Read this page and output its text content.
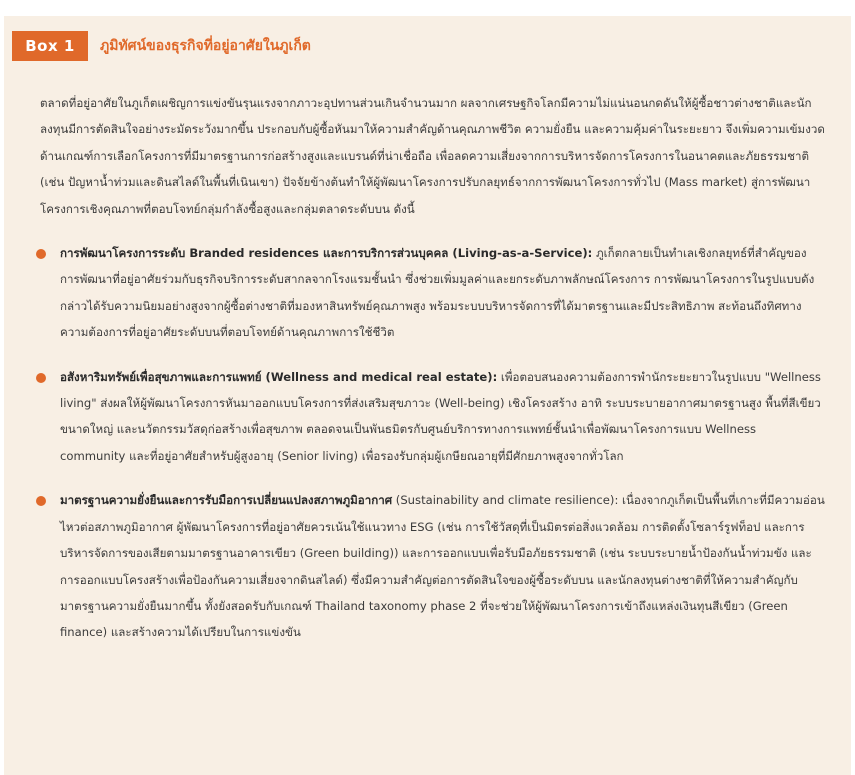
Box 1	ภูมิทัศน์ของธุรกิจที่อยู่อาศัยในภูเก็ต

ตลาดที่อยู่อาศัยในภูเก็ตเผชิญการแข่งขันรุนแรงจากภาวะอุปทานส่วนเกินจำนวนมาก ผลจากเศรษฐกิจโลกมีความไม่แน่นอนกดดันให้ผู้ซื้อชาวต่างชาติและนักลงทุนมีการตัดสินใจอย่างระมัดระวังมากขึ้น ประกอบกับผู้ซื้อหันมาให้ความสำคัญด้านคุณภาพชีวิต ความยั่งยืน และความคุ้มค่าในระยะยาว จึงเพิ่มความเข้มงวดด้านเกณฑ์การเลือกโครงการที่มีมาตรฐานการก่อสร้างสูงและแบรนด์ที่น่าเชื่อถือ เพื่อลดความเสี่ยงจากการบริหารจัดการโครงการในอนาคตและภัยธรรมชาติ (เช่น ปัญหาน้ำท่วมและดินสไลด์ในพื้นที่เนินเขา) ปัจจัยข้างต้นทำให้ผู้พัฒนาโครงการปรับกลยุทธ์จากการพัฒนาโครงการทั่วไป (Mass market) สู่การพัฒนาโครงการเชิงคุณภาพที่ตอบโจทย์กลุ่มกำลังซื้อสูงและกลุ่มตลาดระดับบน ดังนี้

การพัฒนาโครงการระดับ Branded residences และการบริการส่วนบุคคล (Living-as-a-Service): ภูเก็ตกลายเป็นทำเลเชิงกลยุทธ์ที่สำคัญของการพัฒนาที่อยู่อาศัยร่วมกับธุรกิจบริการระดับสากลจากโรงแรมชั้นนำ ซึ่งช่วยเพิ่มมูลค่าและยกระดับภาพลักษณ์โครงการ การพัฒนาโครงการในรูปแบบดังกล่าวได้รับความนิยมอย่างสูงจากผู้ซื้อต่างชาติที่มองหาสินทรัพย์คุณภาพสูง พร้อมระบบบริหารจัดการที่ได้มาตรฐานและมีประสิทธิภาพ สะท้อนถึงทิศทางความต้องการที่อยู่อาศัยระดับบนที่ตอบโจทย์ด้านคุณภาพการใช้ชีวิต
อสังหาริมทรัพย์เพื่อสุขภาพและการแพทย์ (Wellness and medical real estate): เพื่อตอบสนองความต้องการพำนักระยะยาวในรูปแบบ "Wellness living" ส่งผลให้ผู้พัฒนาโครงการหันมาออกแบบโครงการที่ส่งเสริมสุขภาวะ (Well-being) เชิงโครงสร้าง อาทิ ระบบระบายอากาศมาตรฐานสูง พื้นที่สีเขียวขนาดใหญ่ และนวัตกรรมวัสดุก่อสร้างเพื่อสุขภาพ ตลอดจนเป็นพันธมิตรกับศูนย์บริการทางการแพทย์ชั้นนำเพื่อพัฒนาโครงการแบบ Wellness community และที่อยู่อาศัยสำหรับผู้สูงอายุ (Senior living) เพื่อรองรับกลุ่มผู้เกษียณอายุที่มีศักยภาพสูงจากทั่วโลก
มาตรฐานความยั่งยืนและการรับมือการเปลี่ยนแปลงสภาพภูมิอากาศ (Sustainability and climate resilience): เนื่องจากภูเก็ตเป็นพื้นที่เกาะที่มีความอ่อนไหวต่อสภาพภูมิอากาศ ผู้พัฒนาโครงการที่อยู่อาศัยควรเน้นใช้แนวทาง ESG (เช่น การใช้วัสดุที่เป็นมิตรต่อสิ่งแวดล้อม การติดตั้งโซลาร์รูฟท็อป และการบริหารจัดการของเสียตามมาตรฐานอาคารเขียว (Green building)) และการออกแบบเพื่อรับมือภัยธรรมชาติ (เช่น ระบบระบายน้ำป้องกันน้ำท่วมขัง และการออกแบบโครงสร้างเพื่อป้องกันความเสี่ยงจากดินสไลด์) ซึ่งมีความสำคัญต่อการตัดสินใจของผู้ซื้อระดับบน และนักลงทุนต่างชาติที่ให้ความสำคัญกับมาตรฐานความยั่งยืนมากขึ้น ทั้งยังสอดรับกับเกณฑ์ Thailand taxonomy phase 2 ที่จะช่วยให้ผู้พัฒนาโครงการเข้าถึงแหล่งเงินทุนสีเขียว (Green finance) และสร้างความได้เปรียบในการแข่งขัน
